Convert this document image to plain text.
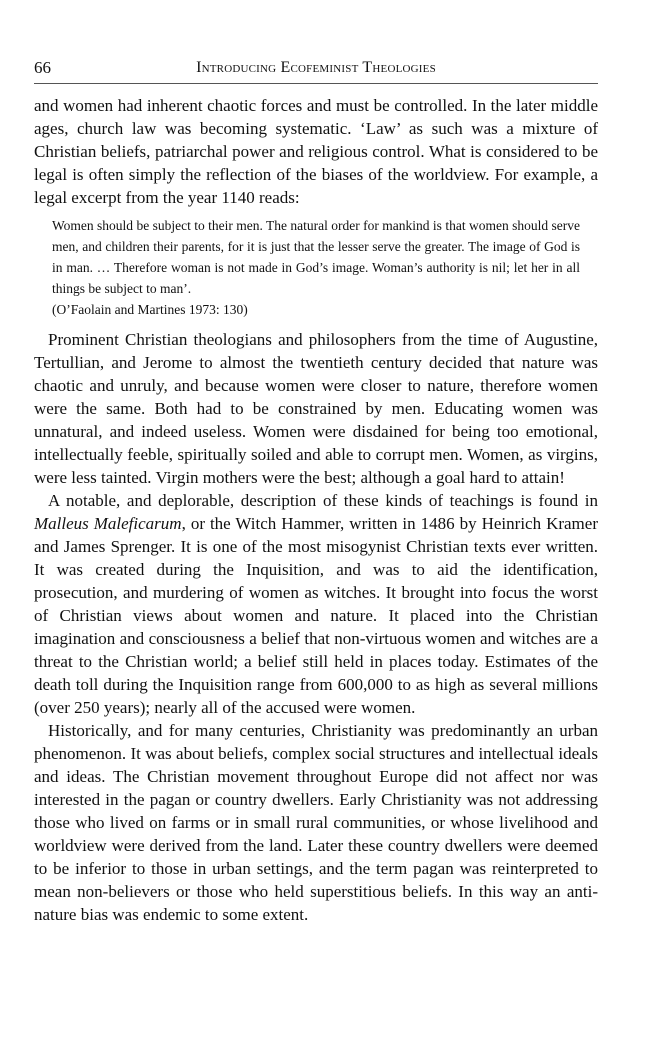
66	Introducing Ecofeminist Theologies

and women had inherent chaotic forces and must be controlled. In the later middle ages, church law was becoming systematic. ‘Law’ as such was a mixture of Christian beliefs, patriarchal power and religious control. What is considered to be legal is often simply the reflection of the biases of the worldview. For example, a legal excerpt from the year 1140 reads:

Women should be subject to their men. The natural order for mankind is that women should serve men, and children their parents, for it is just that the lesser serve the greater. The image of God is in man. … Therefore woman is not made in God’s image. Woman’s authority is nil; let her in all things be subject to man’.
(O’Faolain and Martines 1973: 130)

Prominent Christian theologians and philosophers from the time of Augustine, Tertullian, and Jerome to almost the twentieth century decided that nature was chaotic and unruly, and because women were closer to nature, therefore women were the same. Both had to be constrained by men. Educating women was unnatural, and indeed useless. Women were disdained for being too emotional, intellectually feeble, spiritually soiled and able to corrupt men. Women, as virgins, were less tainted. Virgin mothers were the best; although a goal hard to attain!

A notable, and deplorable, description of these kinds of teachings is found in Malleus Maleficarum, or the Witch Hammer, written in 1486 by Heinrich Kramer and James Sprenger. It is one of the most misogynist Christian texts ever written. It was created during the Inquisition, and was to aid the identification, prosecution, and murdering of women as witches. It brought into focus the worst of Christian views about women and nature. It placed into the Christian imagination and consciousness a belief that non-virtuous women and witches are a threat to the Christian world; a belief still held in places today. Estimates of the death toll during the Inquisition range from 600,000 to as high as several millions (over 250 years); nearly all of the accused were women.

Historically, and for many centuries, Christianity was predominantly an urban phenomenon. It was about beliefs, complex social structures and intellectual ideals and ideas. The Christian movement throughout Europe did not affect nor was interested in the pagan or country dwellers. Early Christianity was not addressing those who lived on farms or in small rural communities, or whose livelihood and worldview were derived from the land. Later these country dwellers were deemed to be inferior to those in urban settings, and the term pagan was reinterpreted to mean non-believers or those who held superstitious beliefs. In this way an anti-nature bias was endemic to some extent.
